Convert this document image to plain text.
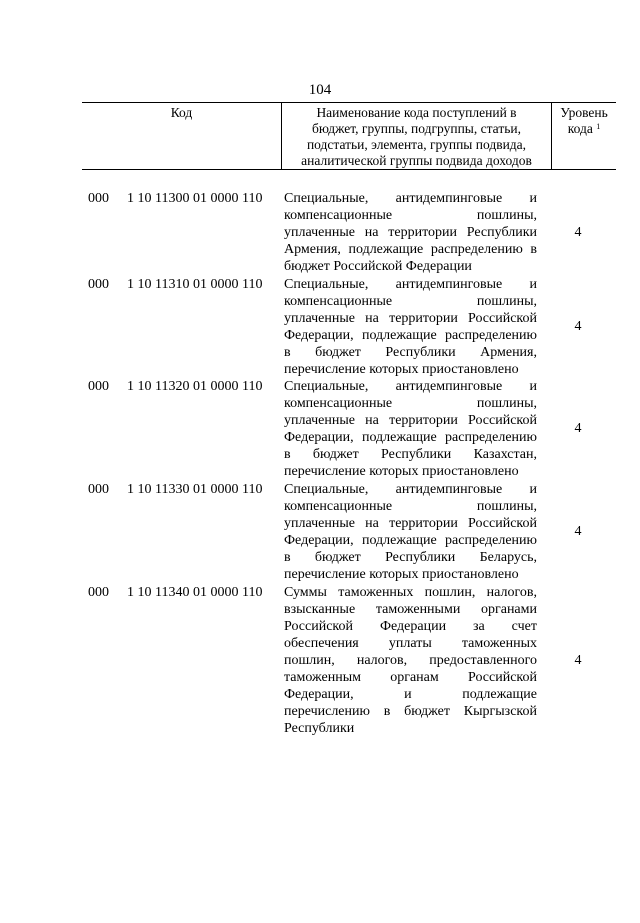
104
Код	Наименование кода поступлений в
бюджет, группы, подгруппы, статьи,
подстатьи, элемента, группы подвида,
аналитической группы подвида доходов

Уровень
кода $^1$
000 1 10 11300 01 0000 110 Специальные, антидемпинговые и
компенсационные пошлины,
уплаченные на территории Республики
Армения, подлежащие распределению в
бюджет Российской Федерации
4
000 1 10 11310 01 0000 110 Специальные, антидемпинговые и
компенсационные пошлины,
уплаченные на территории Российской
Федерации, подлежащие распределению
в бюджет Республики Армения,
перечисление которых приостановлено
4
000 1 10 11320 01 0000 110 Специальные, антидемпинговые и
компенсационные пошлины,
уплаченные на территории Российской
Федерации, подлежащие распределению
в бюджет Республики Казахстан,
перечисление которых приостановлено
4
000 1 10 11330 01 0000 110 Специальные, антидемпинговые и
компенсационные пошлины,
уплаченные на территории Российской
Федерации, подлежащие распределению
в бюджет Республики Беларусь,
перечисление которых приостановлено
4
000 1 10 11340 01 0000 110 Суммы таможенных пошлин, налогов,
взысканные таможенными органами
Российской Федерации за счет
обеспечения уплаты таможенных
пошлин, налогов, предоставленного
таможенным органам Российской
Федерации, и подлежащие
перечислению в бюджет Кыргызской
Республики
4
